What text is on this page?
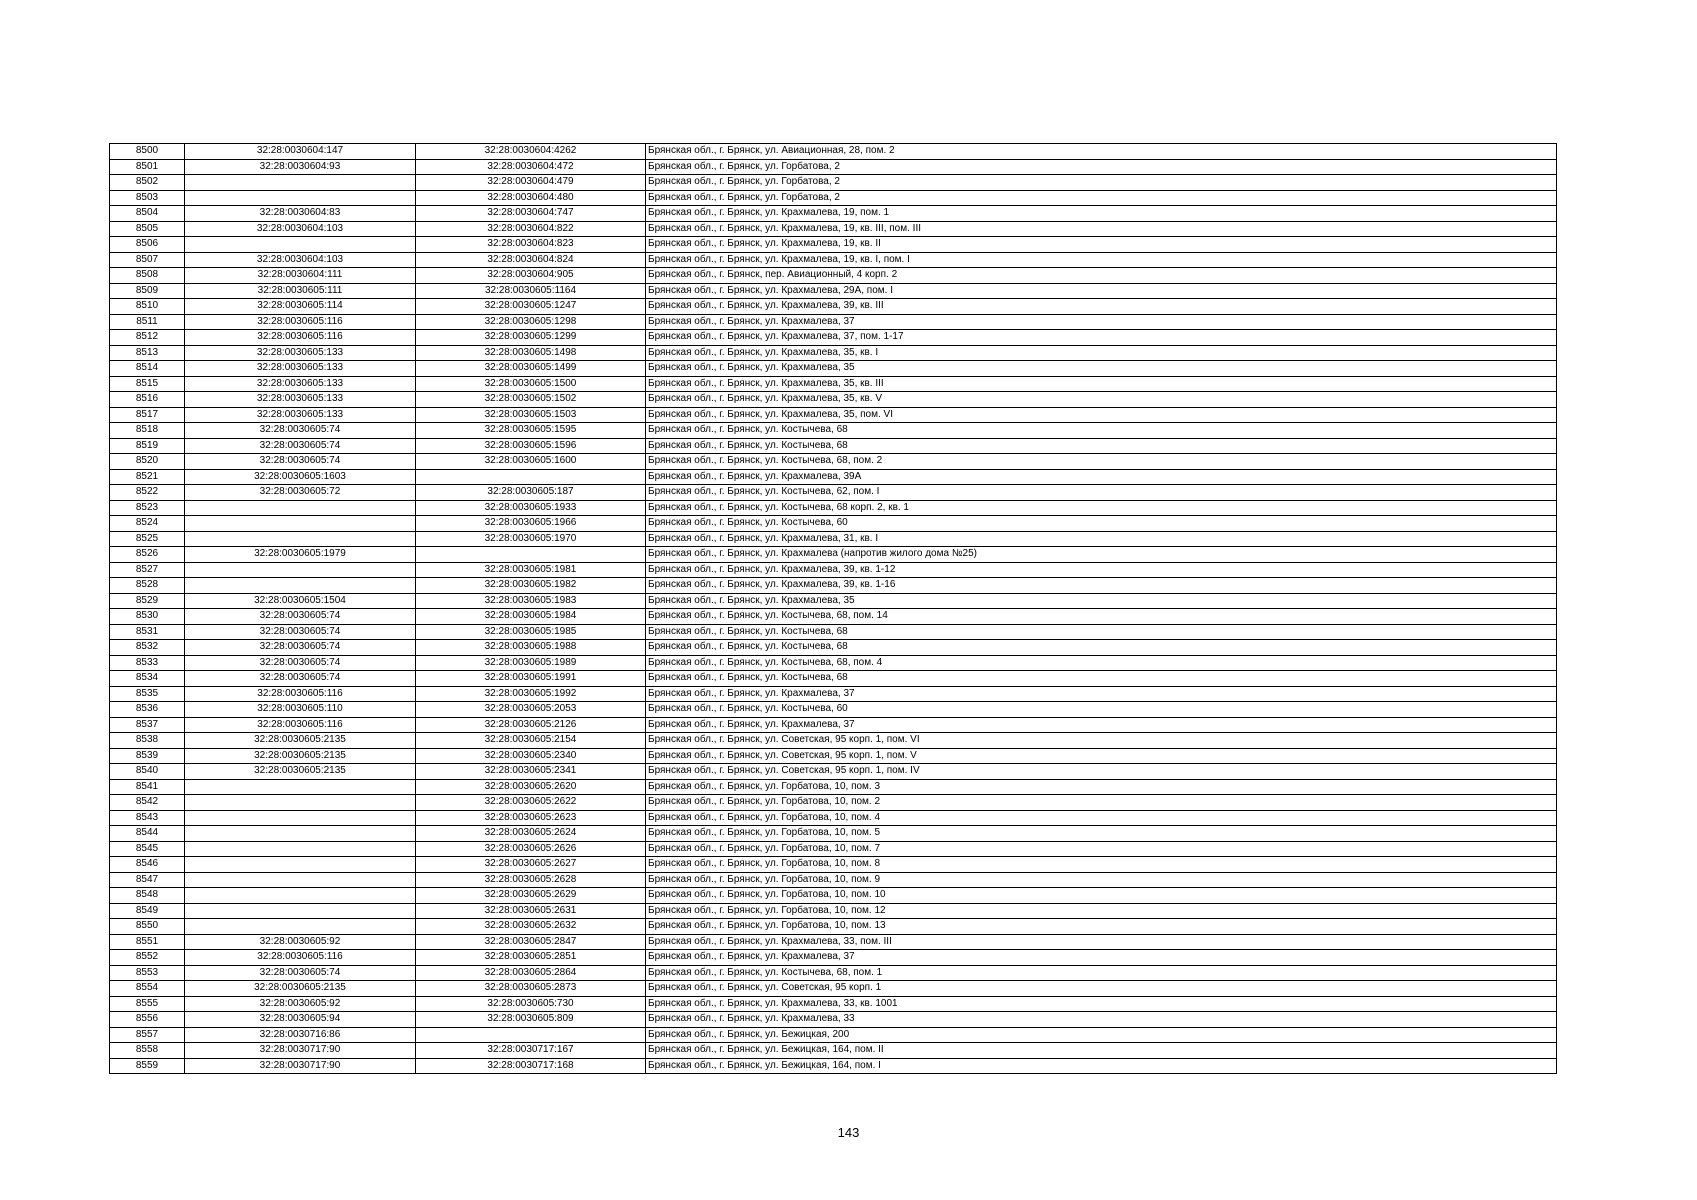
8500	32:28:0030604:147	32:28:0030604:4262	Брянская обл., г. Брянск, ул. Авиационная, 28, пом. 2
8501	32:28:0030604:93	32:28:0030604:472	Брянская обл., г. Брянск, ул. Горбатова, 2
8502		32:28:0030604:479	Брянская обл., г. Брянск, ул. Горбатова, 2
8503		32:28:0030604:480	Брянская обл., г. Брянск, ул. Горбатова, 2
8504	32:28:0030604:83	32:28:0030604:747	Брянская обл., г. Брянск, ул. Крахмалева, 19, пом. 1
8505	32:28:0030604:103	32:28:0030604:822	Брянская обл., г. Брянск, ул. Крахмалева, 19, кв. III, пом. III
8506		32:28:0030604:823	Брянская обл., г. Брянск, ул. Крахмалева, 19, кв. II
8507	32:28:0030604:103	32:28:0030604:824	Брянская обл., г. Брянск, ул. Крахмалева, 19, кв. I, пом. I
8508	32:28:0030604:111	32:28:0030604:905	Брянская обл., г. Брянск, пер. Авиационный, 4 корп. 2
8509	32:28:0030605:111	32:28:0030605:1164	Брянская обл., г. Брянск, ул. Крахмалева, 29А, пом. I
8510	32:28:0030605:114	32:28:0030605:1247	Брянская обл., г. Брянск, ул. Крахмалева, 39, кв. III
8511	32:28:0030605:116	32:28:0030605:1298	Брянская обл., г. Брянск, ул. Крахмалева, 37
8512	32:28:0030605:116	32:28:0030605:1299	Брянская обл., г. Брянск, ул. Крахмалева, 37, пом. 1-17
8513	32:28:0030605:133	32:28:0030605:1498	Брянская обл., г. Брянск, ул. Крахмалева, 35, кв. I
8514	32:28:0030605:133	32:28:0030605:1499	Брянская обл., г. Брянск, ул. Крахмалева, 35
8515	32:28:0030605:133	32:28:0030605:1500	Брянская обл., г. Брянск, ул. Крахмалева, 35, кв. III
8516	32:28:0030605:133	32:28:0030605:1502	Брянская обл., г. Брянск, ул. Крахмалева, 35, кв. V
8517	32:28:0030605:133	32:28:0030605:1503	Брянская обл., г. Брянск, ул. Крахмалева, 35, пом. VI
8518	32:28:0030605:74	32:28:0030605:1595	Брянская обл., г. Брянск, ул. Костычева, 68
8519	32:28:0030605:74	32:28:0030605:1596	Брянская обл., г. Брянск, ул. Костычева, 68
8520	32:28:0030605:74	32:28:0030605:1600	Брянская обл., г. Брянск, ул. Костычева, 68, пом. 2
8521	32:28:0030605:1603		Брянская обл., г. Брянск, ул. Крахмалева, 39А
8522	32:28:0030605:72	32:28:0030605:187	Брянская обл., г. Брянск, ул. Костычева, 62, пом. I
8523		32:28:0030605:1933	Брянская обл., г. Брянск, ул. Костычева, 68 корп. 2, кв. 1
8524		32:28:0030605:1966	Брянская обл., г. Брянск, ул. Костычева, 60
8525		32:28:0030605:1970	Брянская обл., г. Брянск, ул. Крахмалева, 31, кв. I
8526	32:28:0030605:1979		Брянская обл., г. Брянск, ул. Крахмалева (напротив жилого дома №25)
8527		32:28:0030605:1981	Брянская обл., г. Брянск, ул. Крахмалева, 39, кв. 1-12
8528		32:28:0030605:1982	Брянская обл., г. Брянск, ул. Крахмалева, 39, кв. 1-16
8529	32:28:0030605:1504	32:28:0030605:1983	Брянская обл., г. Брянск, ул. Крахмалева, 35
8530	32:28:0030605:74	32:28:0030605:1984	Брянская обл., г. Брянск, ул. Костычева, 68, пом. 14
8531	32:28:0030605:74	32:28:0030605:1985	Брянская обл., г. Брянск, ул. Костычева, 68
8532	32:28:0030605:74	32:28:0030605:1988	Брянская обл., г. Брянск, ул. Костычева, 68
8533	32:28:0030605:74	32:28:0030605:1989	Брянская обл., г. Брянск, ул. Костычева, 68, пом. 4
8534	32:28:0030605:74	32:28:0030605:1991	Брянская обл., г. Брянск, ул. Костычева, 68
8535	32:28:0030605:116	32:28:0030605:1992	Брянская обл., г. Брянск, ул. Крахмалева, 37
8536	32:28:0030605:110	32:28:0030605:2053	Брянская обл., г. Брянск, ул. Костычева, 60
8537	32:28:0030605:116	32:28:0030605:2126	Брянская обл., г. Брянск, ул. Крахмалева, 37
8538	32:28:0030605:2135	32:28:0030605:2154	Брянская обл., г. Брянск, ул. Советская, 95 корп. 1, пом. VI
8539	32:28:0030605:2135	32:28:0030605:2340	Брянская обл., г. Брянск, ул. Советская, 95 корп. 1, пом. V
8540	32:28:0030605:2135	32:28:0030605:2341	Брянская обл., г. Брянск, ул. Советская, 95 корп. 1, пом. IV
8541		32:28:0030605:2620	Брянская обл., г. Брянск, ул. Горбатова, 10, пом. 3
8542		32:28:0030605:2622	Брянская обл., г. Брянск, ул. Горбатова, 10, пом. 2
8543		32:28:0030605:2623	Брянская обл., г. Брянск, ул. Горбатова, 10, пом. 4
8544		32:28:0030605:2624	Брянская обл., г. Брянск, ул. Горбатова, 10, пом. 5
8545		32:28:0030605:2626	Брянская обл., г. Брянск, ул. Горбатова, 10, пом. 7
8546		32:28:0030605:2627	Брянская обл., г. Брянск, ул. Горбатова, 10, пом. 8
8547		32:28:0030605:2628	Брянская обл., г. Брянск, ул. Горбатова, 10, пом. 9
8548		32:28:0030605:2629	Брянская обл., г. Брянск, ул. Горбатова, 10, пом. 10
8549		32:28:0030605:2631	Брянская обл., г. Брянск, ул. Горбатова, 10, пом. 12
8550		32:28:0030605:2632	Брянская обл., г. Брянск, ул. Горбатова, 10, пом. 13
8551	32:28:0030605:92	32:28:0030605:2847	Брянская обл., г. Брянск, ул. Крахмалева, 33, пом. III
8552	32:28:0030605:116	32:28:0030605:2851	Брянская обл., г. Брянск, ул. Крахмалева, 37
8553	32:28:0030605:74	32:28:0030605:2864	Брянская обл., г. Брянск, ул. Костычева, 68, пом. 1
8554	32:28:0030605:2135	32:28:0030605:2873	Брянская обл., г. Брянск, ул. Советская, 95 корп. 1
8555	32:28:0030605:92	32:28:0030605:730	Брянская обл., г. Брянск, ул. Крахмалева, 33, кв. 1001
8556	32:28:0030605:94	32:28:0030605:809	Брянская обл., г. Брянск, ул. Крахмалева, 33
8557	32:28:0030716:86		Брянская обл., г. Брянск, ул. Бежицкая, 200
8558	32:28:0030717:90	32:28:0030717:167	Брянская обл., г. Брянск, ул. Бежицкая, 164, пом. II
8559	32:28:0030717:90	32:28:0030717:168	Брянская обл., г. Брянск, ул. Бежицкая, 164, пом. I
143
